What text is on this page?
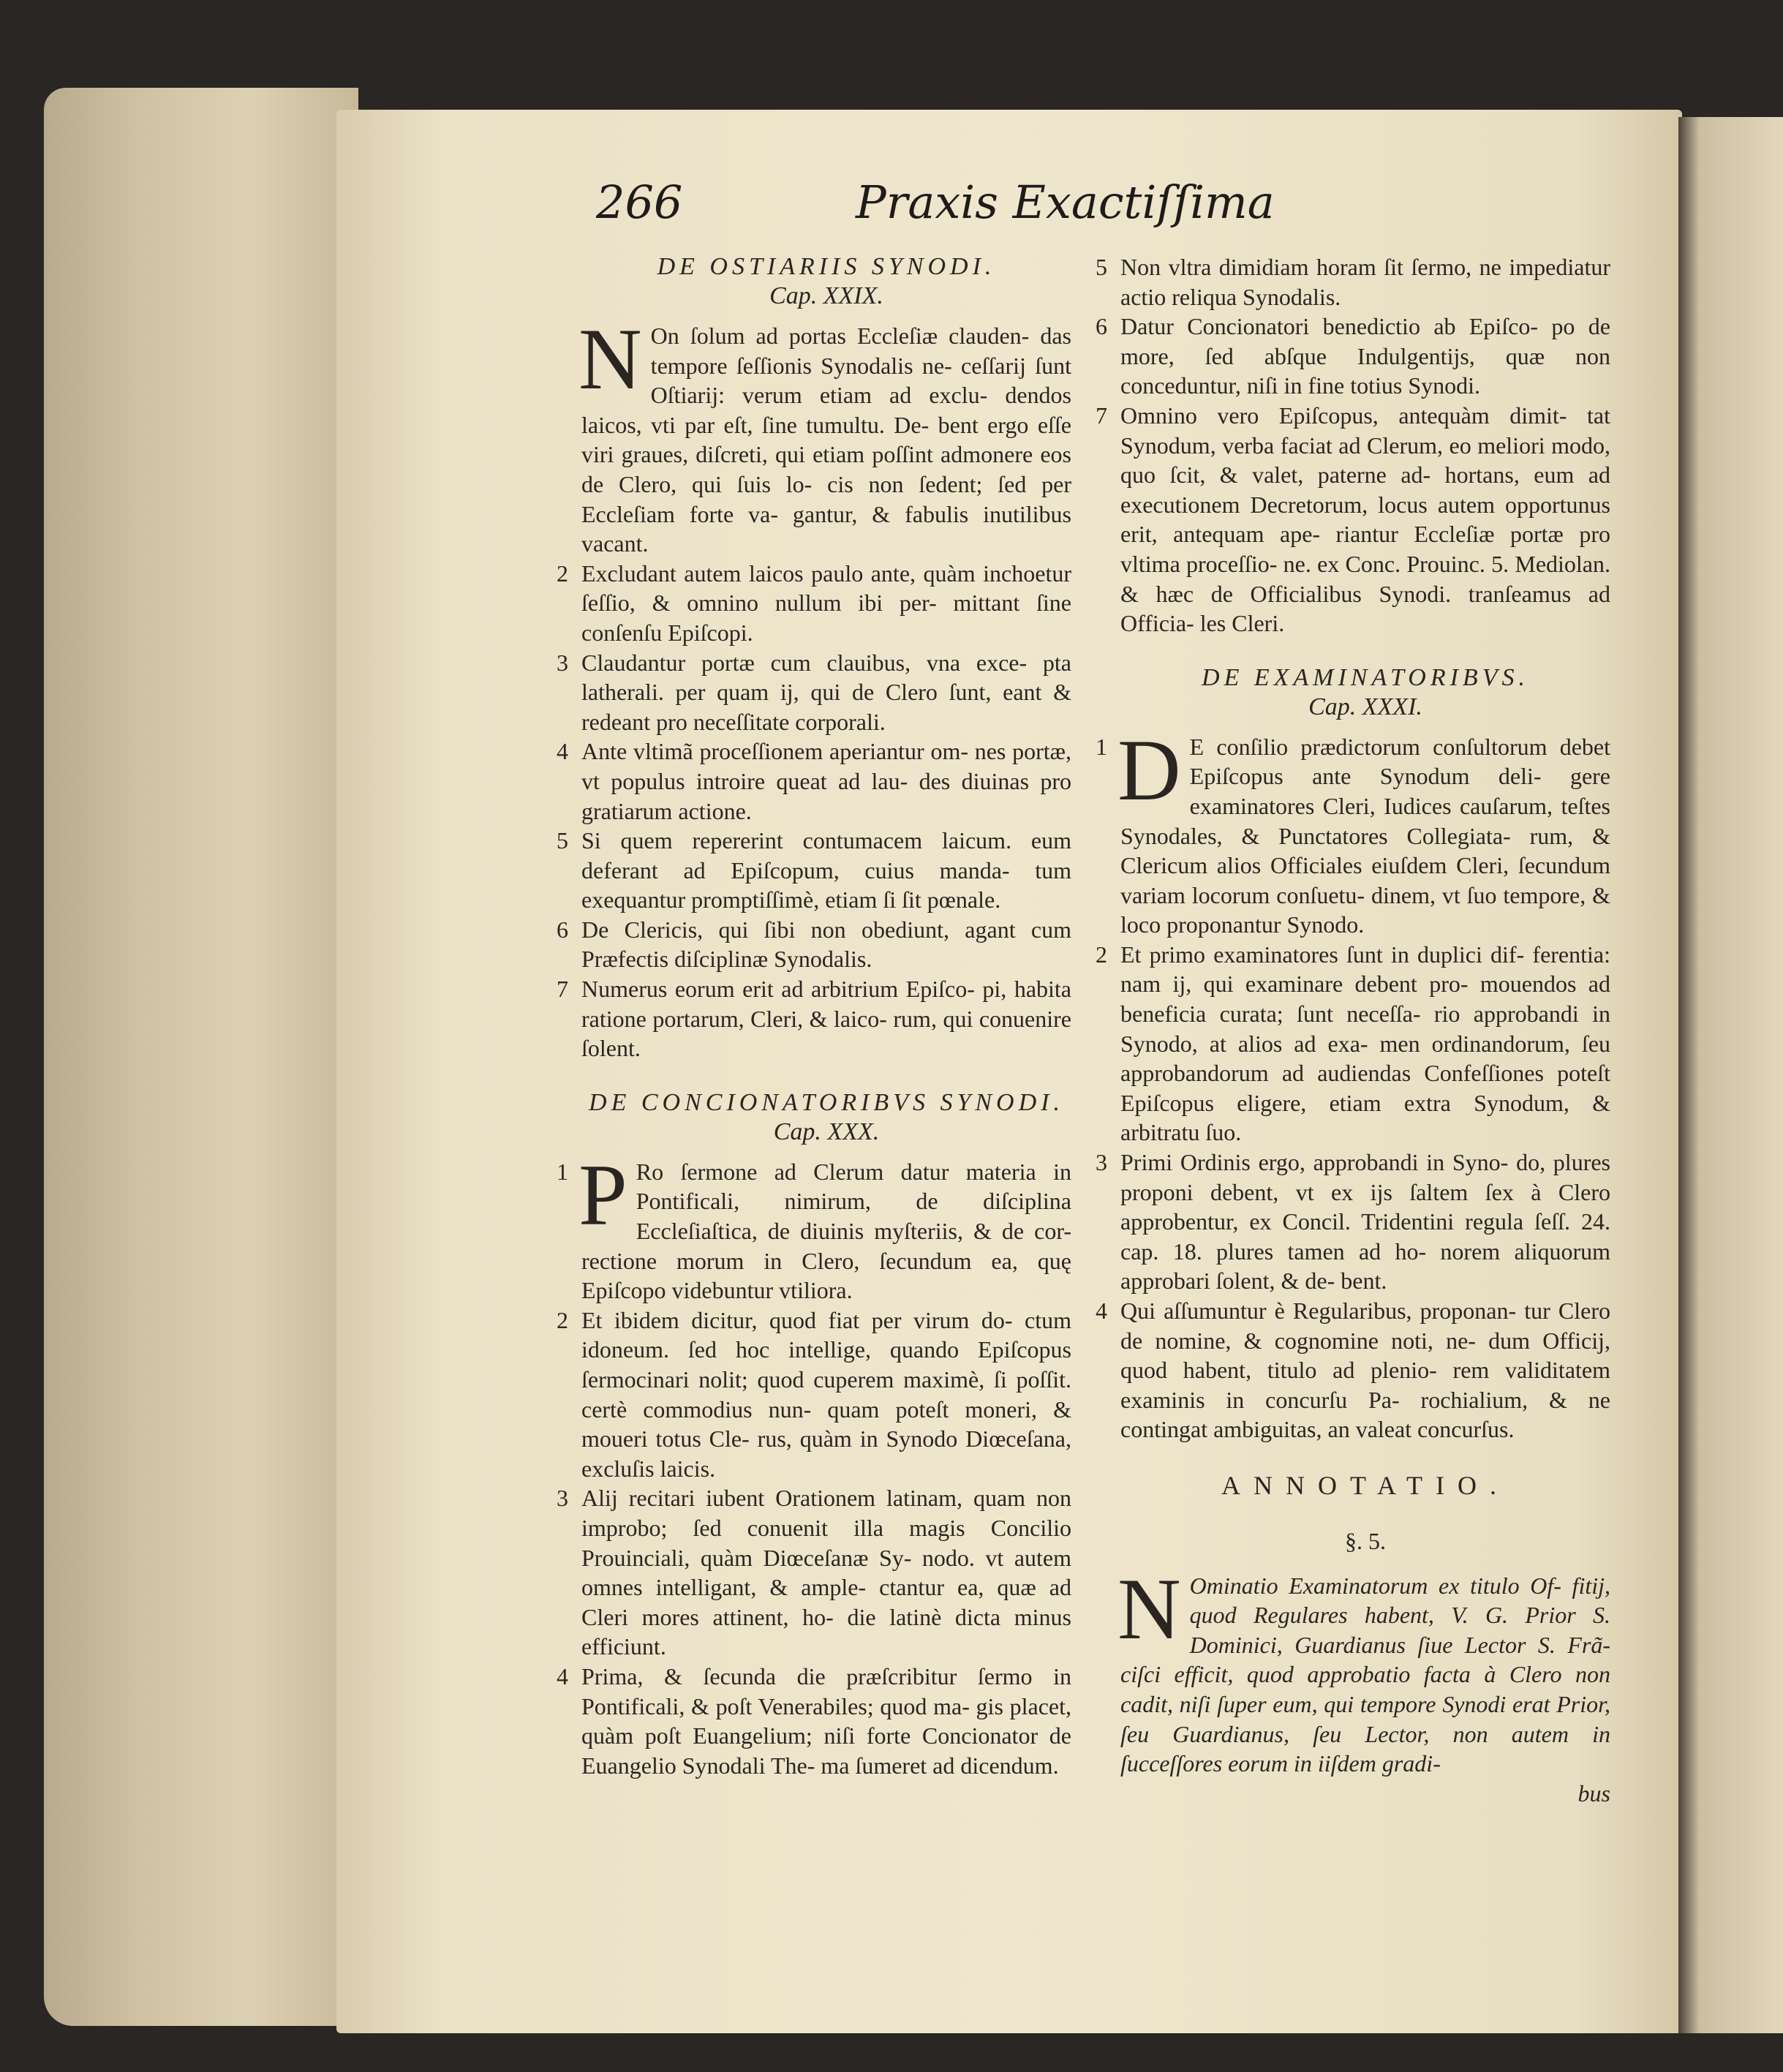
266	Praxis Exactiſſima

DE OSTIARIIS SYNODI.

Cap. XXIX.

N On ſolum ad portas Eccleſiæ clauden- das tempore ſeſſionis Synodalis ne- ceſſarij ſunt Oſtiarij: verum etiam ad exclu- dendos laicos, vti par eſt, ſine tumultu. De- bent ergo eſſe viri graues, diſcreti, qui etiam poſſint admonere eos de Clero, qui ſuis lo- cis non ſedent; ſed per Eccleſiam forte va- gantur, & fabulis inutilibus vacant.

2 Excludant autem laicos paulo ante, quàm inchoetur ſeſſio, & omnino nullum ibi per- mittant ſine conſenſu Epiſcopi.

3 Claudantur portæ cum clauibus, vna exce- pta latherali. per quam ij, qui de Clero ſunt, eant & redeant pro neceſſitate corporali.

4 Ante vltimã proceſſionem aperiantur om- nes portæ, vt populus introire queat ad lau- des diuinas pro gratiarum actione.

5 Si quem repererint contumacem laicum. eum deferant ad Epiſcopum, cuius manda- tum exequantur promptiſſimè, etiam ſi ſit pœnale.

6 De Clericis, qui ſibi non obediunt, agant cum Præfectis diſciplinæ Synodalis.

7 Numerus eorum erit ad arbitrium Epiſco- pi, habita ratione portarum, Cleri, & laico- rum, qui conuenire ſolent.

DE CONCIONATORIBVS SYNODI.

Cap. XXX.

1 P Ro ſermone ad Clerum datur materia in Pontificali, nimirum, de diſciplina Eccleſiaſtica, de diuinis myſteriis, & de cor- rectione morum in Clero, ſecundum ea, quę Epiſcopo videbuntur vtiliora.

2 Et ibidem dicitur, quod fiat per virum do- ctum idoneum. ſed hoc intellige, quando Epiſcopus ſermocinari nolit; quod cuperem maximè, ſi poſſit. certè commodius nun- quam poteſt moneri, & moueri totus Cle- rus, quàm in Synodo Diœceſana, excluſis laicis.

3 Alij recitari iubent Orationem latinam, quam non improbo; ſed conuenit illa magis Concilio Prouinciali, quàm Diœceſanæ Sy- nodo. vt autem omnes intelligant, & ample- ctantur ea, quæ ad Cleri mores attinent, ho- die latinè dicta minus efficiunt.

4 Prima, & ſecunda die præſcribitur ſermo in Pontificali, & poſt Venerabiles; quod ma- gis placet, quàm poſt Euangelium; niſi forte Concionator de Euangelio Synodali The- ma ſumeret ad dicendum.

5 Non vltra dimidiam horam ſit ſermo, ne impediatur actio reliqua Synodalis.

6 Datur Concionatori benedictio ab Epiſco- po de more, ſed abſque Indulgentijs, quæ non conceduntur, niſi in fine totius Synodi.

7 Omnino vero Epiſcopus, antequàm dimit- tat Synodum, verba faciat ad Clerum, eo meliori modo, quo ſcit, & valet, paterne ad- hortans, eum ad executionem Decretorum, locus autem opportunus erit, antequam ape- riantur Eccleſiæ portæ pro vltima proceſſio- ne. ex Conc. Prouinc. 5. Mediolan. & hæc de Officialibus Synodi. tranſeamus ad Officia- les Cleri.

DE EXAMINATORIBVS.

Cap. XXXI.

1 D E conſilio prædictorum conſultorum debet Epiſcopus ante Synodum deli- gere examinatores Cleri, Iudices cauſarum, teſtes Synodales, & Punctatores Collegiata- rum, & Clericum alios Officiales eiuſdem Cleri, ſecundum variam locorum conſuetu- dinem, vt ſuo tempore, & loco proponantur Synodo.

2 Et primo examinatores ſunt in duplici dif- ferentia: nam ij, qui examinare debent pro- mouendos ad beneficia curata; ſunt neceſſa- rio approbandi in Synodo, at alios ad exa- men ordinandorum, ſeu approbandorum ad audiendas Confeſſiones poteſt Epiſcopus eligere, etiam extra Synodum, & arbitratu ſuo.

3 Primi Ordinis ergo, approbandi in Syno- do, plures proponi debent, vt ex ijs ſaltem ſex à Clero approbentur, ex Concil. Tridentini regula ſeſſ. 24. cap. 18. plures tamen ad ho- norem aliquorum approbari ſolent, & de- bent.

4 Qui aſſumuntur è Regularibus, proponan- tur Clero de nomine, & cognomine noti, ne- dum Officij, quod habent, titulo ad plenio- rem validitatem examinis in concurſu Pa- rochialium, & ne contingat ambiguitas, an valeat concurſus.

ANNOTATIO.

§. 5.

N Ominatio Examinatorum ex titulo Of- fitij, quod Regulares habent, V. G. Prior S. Dominici, Guardianus ſiue Lector S. Frã- ciſci efficit, quod approbatio facta à Clero non cadit, niſi ſuper eum, qui tempore Synodi erat Prior, ſeu Guardianus, ſeu Lector, non autem in ſucceſſores eorum in iiſdem gradi-

bus
